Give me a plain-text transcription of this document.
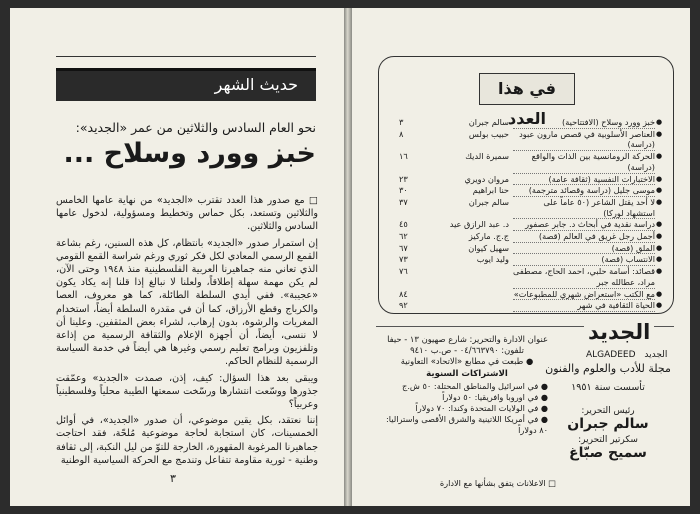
حديث الشهر
نحو العام السادس والثلاثين من عمر «الجديد»:
خبز وورد وسلاح ...

□ مع صدور هذا العدد تقترب «الجديد» من نهاية عامها الخامس والثلاثين وتستعد، بكل حماس وتخطيط ومسؤولية، لدخول عامها السادس والثلاثين.

إن استمرار صدور «الجديد» بانتظام، كل هذه السنين، رغم بشاعة القمع الرسمي المعادي لكل فكر ثوري ورغم شراسة القمع القومي الذي تعاني منه جماهيرنا العربية الفلسطينية منذ ١٩٤٨ وحتى الآن، لم يكن مهمة سهلة إطلاقاً، ولعلنا لا نبالغ إذا قلنا إنه يكاد يكون «عجيبة». ففي أيدي السلطة الطائلة، كما هو معروف، العصا والكرباج وقطع الأرزاق، كما أن في مقدرة السلطة أيضاً، استخدام المغريات والرشوة، بدون إرهاب، لشراء بعض المثقفين. وعلينا أن لا ننسى، أيضاً، أن أجهزة الإعلام والثقافة الرسمية من إذاعة وتلفزيون وبرامج تعليم رسمي وغيرها هي أيضاً في خدمة السياسة الرسمية للنظام الحاكم.

ويبقى بعد هذا السؤال: كيف، إذن، صمدت «الجديد» وعمّقت جذورها ووسّعت انتشارها ورسّخت سمعتها الطيبة محلياً وفلسطينياً وعربياً؟

إننا نعتقد، بكل يقين موضوعي، أن صدور «الجديد»، في أوائل الخمسينات، كان استجابة لحاجة موضوعية مُلحّة، فقد احتاجت جماهيرنا المرغوبة المقهورة، الخارجة للتوّ من ليل النكبة، إلى ثقافة وطنية - ثورية مقاومة تتفاعل وتندمج مع الحركة السياسية الوطنية

٣
في هذا العدد	●
خبز وورد وسلاح (الافتتاحية)
سالم جبران
٣
●
العناصر الأسلوبية في قصص مارون عبود (دراسة)
حبيب بولس
٨
●
الحركة الرومانسية بين الذات والواقع (دراسة)
سميرة الديك
١٦
●
الاختبارات النفسية (ثقافة عامة)
مروان دويري
٢٣
●
موسى جليل (دراسة وقصائد مترجمة)
حنا ابراهيم
٣٠
●
لا أحد يقتل الشاعر (٥٠ عاماً على استشهاد لوركا)
سالم جبران
٣٧
●
دراسة نقدية في أبحاث د. جابر عصفور
د. عبد الرازق عيد
٤٥
●
أجمل رجل غريق في العالم (قصة)
ج.ج. ماركيز
٦٢
●
الملق (قصة)
سهيل كيوان
٦٧
●
الانتساب (قصة)
وليد ايوب
٧٣
●
قصائد: أسامة حلبي، احمد الحاج، مصطفى مراد، عطالله جبر
٧٦
●
مع الكتب «استعراض شهري للمطبوعات»
٨٤
●
الحياة الثقافية في شهر
٩٢
الجديد
ALGADEED الجديد
مجلة للأدب والعلوم والفنون
تأسست سنة ١٩٥١
رئيس التحرير:
سالم جبران
سكرتير التحرير:
سميح صبّاغ
عنوان الادارة والتحرير: شارع صهيون ١٣ - حيفا
تلفون: ٠٤/٦٦٣٧٩٠ - ص.ب ٩٤١٠
● طبعت في مطابع «الاتحاد» التعاونية
الاشتراكات السنوية
● في اسرائيل والمناطق المحتلة: ٥٠ ش.ج
● في اوروبا وافريقيا: ٥٠ دولاراً
● في الولايات المتحدة وكندا: ٧٠ دولاراً
● في أمريكا اللاتينية والشرق الأقصى واستراليا: ٨٠ دولاراً
□ الاعلانات يتفق بشأنها مع الادارة
